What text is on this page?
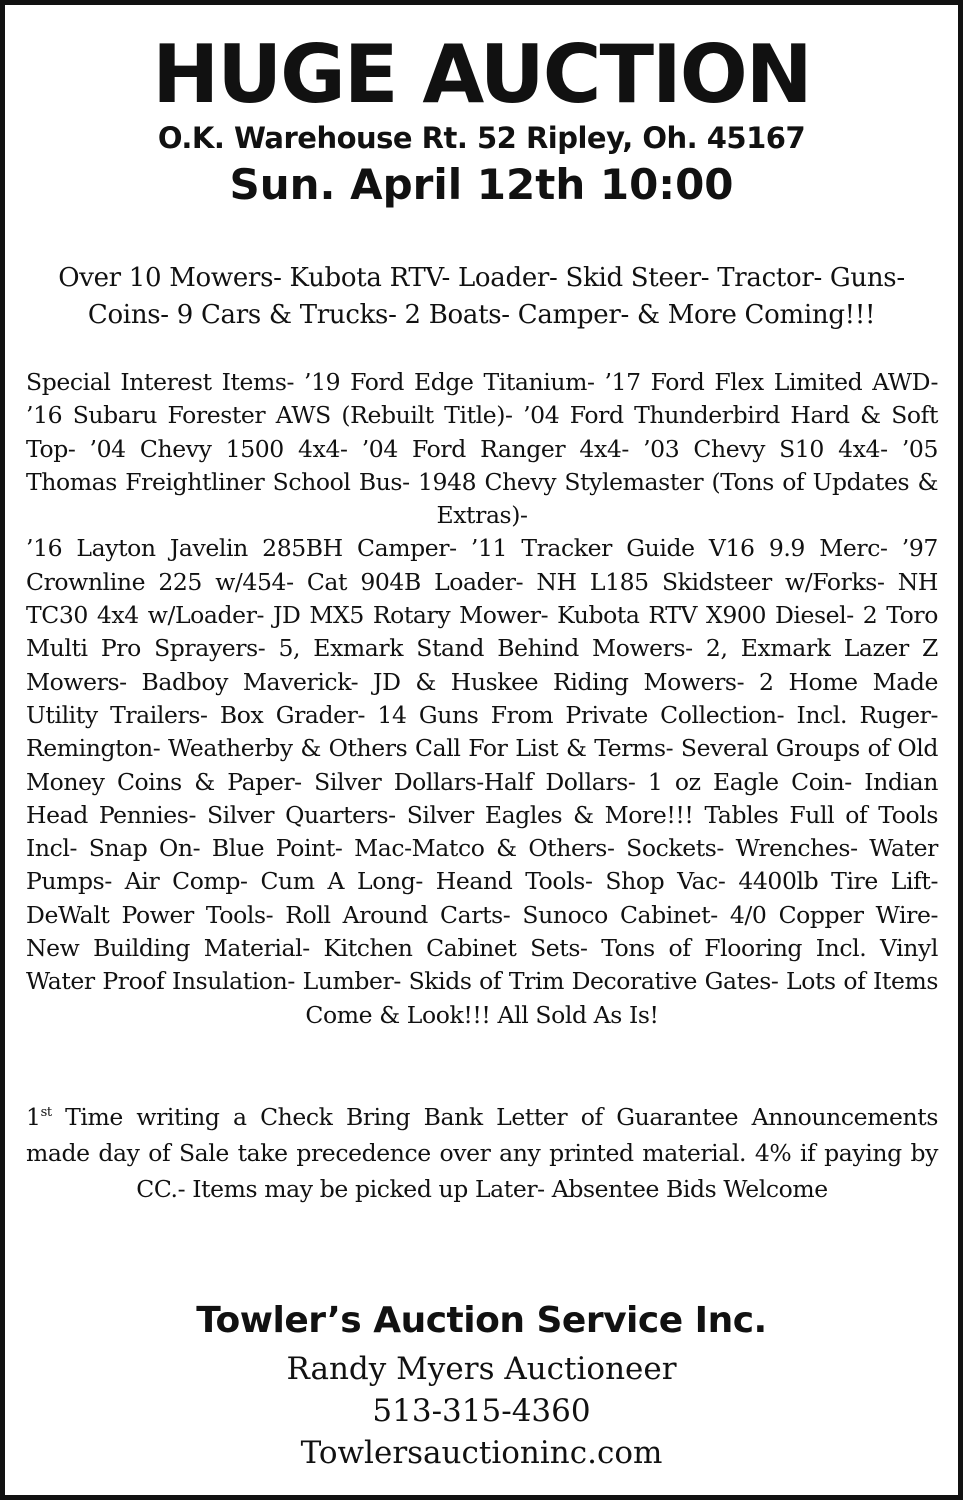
HUGE AUCTION

O.K. Warehouse Rt. 52 Ripley, Oh. 45167

Sun. April 12th 10:00

Over 10 Mowers- Kubota RTV- Loader- Skid Steer- Tractor- Guns- Coins- 9 Cars & Trucks- 2 Boats- Camper- & More Coming!!!
Special Interest Items- ’19 Ford Edge Titanium- ’17 Ford Flex Limited AWD- ’16 Subaru Forester AWS (Rebuilt Title)- ’04 Ford Thunderbird Hard & Soft Top- ’04 Chevy 1500 4x4- ’04 Ford Ranger 4x4- ’03 Chevy S10 4x4- ’05 Thomas Freightliner School Bus- 1948 Chevy Stylemaster (Tons of Updates & Extras)-
’16 Layton Javelin 285BH Camper- ’11 Tracker Guide V16 9.9 Merc- ’97 Crownline 225 w/454- Cat 904B Loader- NH L185 Skidsteer w/Forks- NH TC30 4x4 w/Loader- JD MX5 Rotary Mower- Kubota RTV X900 Diesel- 2 Toro Multi Pro Sprayers- 5, Exmark Stand Behind Mowers- 2, Exmark Lazer Z Mowers- Badboy Maverick- JD & Huskee Riding Mowers- 2 Home Made Utility Trailers- Box Grader- 14 Guns From Private Collection- Incl. Ruger- Remington- Weatherby & Others Call For List & Terms- Several Groups of Old Money Coins & Paper- Silver Dollars-Half Dollars- 1 oz Eagle Coin- Indian Head Pennies- Silver Quarters- Silver Eagles & More!!! Tables Full of Tools Incl- Snap On- Blue Point- Mac-Matco & Others- Sockets- Wrenches- Water Pumps- Air Comp- Cum A Long- Heand Tools- Shop Vac- 4400lb Tire Lift- DeWalt Power Tools- Roll Around Carts- Sunoco Cabinet- 4/0 Copper Wire- New Building Material- Kitchen Cabinet Sets- Tons of Flooring Incl. Vinyl Water Proof Insulation- Lumber- Skids of Trim Decorative Gates- Lots of Items Come & Look!!! All Sold As Is!
1st Time writing a Check Bring Bank Letter of Guarantee Announcements made day of Sale take precedence over any printed material. 4% if paying by CC.- Items may be picked up Later- Absentee Bids Welcome

Towler’s Auction Service Inc.

Randy Myers Auctioneer

513-315-4360

Towlersauctioninc.com
